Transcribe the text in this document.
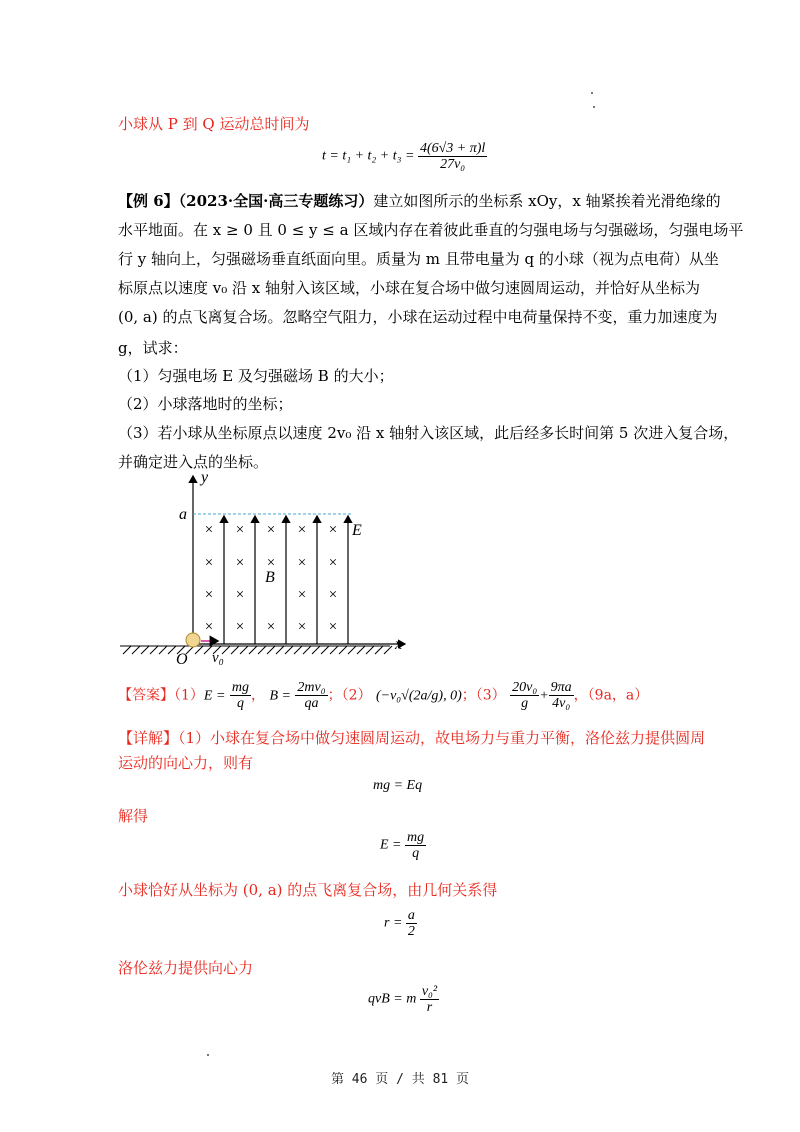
小球从 P 到 Q 运动总时间为
$t = t_1 + t_2 + t_3 = \frac{4(6√3 + \pi)l}{\text{27v₀}}$
【例 6】（2023·全国·高三专题练习）建立如图所示的坐标系 xOy，x 轴紧挨着光滑绝缘的
水平地面。在 x ≥ 0 且 0 ≤ y ≤ a 区域内存在着彼此垂直的匀强电场与匀强磁场，匀强电场平
行 y 轴向上，匀强磁场垂直纸面向里。质量为 m 且带电量为 q 的小球（视为点电荷）从坐
标原点以速度 v₀ 沿 x 轴射入该区域，小球在复合场中做匀速圆周运动，并恰好从坐标为
(0, a) 的点飞离复合场。忽略空气阻力，小球在运动过程中电荷量保持不变，重力加速度为
g，试求：
（1）匀强电场 E 及匀强磁场 B 的大小；
（2）小球落地时的坐标；
（3）若小球从坐标原点以速度 2v₀ 沿 x 轴射入该区域，此后经多长时间第 5 次进入复合场，
并确定进入点的坐标。
× × × × ×
× × × × ×
× ×	× ×
× × × × ×
y
x
a
E
B
O v₀
【答案】$(1)E = \frac{mg}{q}$ ， $B = \frac{\text{2mv₀}}{qa}$ ；（2） (−v₀√(2a/g), 0)；$(3) \frac{\text{20v₀}}{g} + \frac{9\pi a}{\text{4v₀}}$ ，（9a，a）
【详解】（1）小球在复合场中做匀速圆周运动，故电场力与重力平衡，洛伦兹力提供圆周
运动的向心力，则有
mg = Eq
解得
$E = \frac{mg}{q}$
小球恰好从坐标为 (0, a) 的点飞离复合场，由几何关系得
$r = \frac{a}{2}$
洛伦兹力提供向心力
qvB = m $\frac{\text{v₀²}}{r}$
第 46 页 / 共 81 页
